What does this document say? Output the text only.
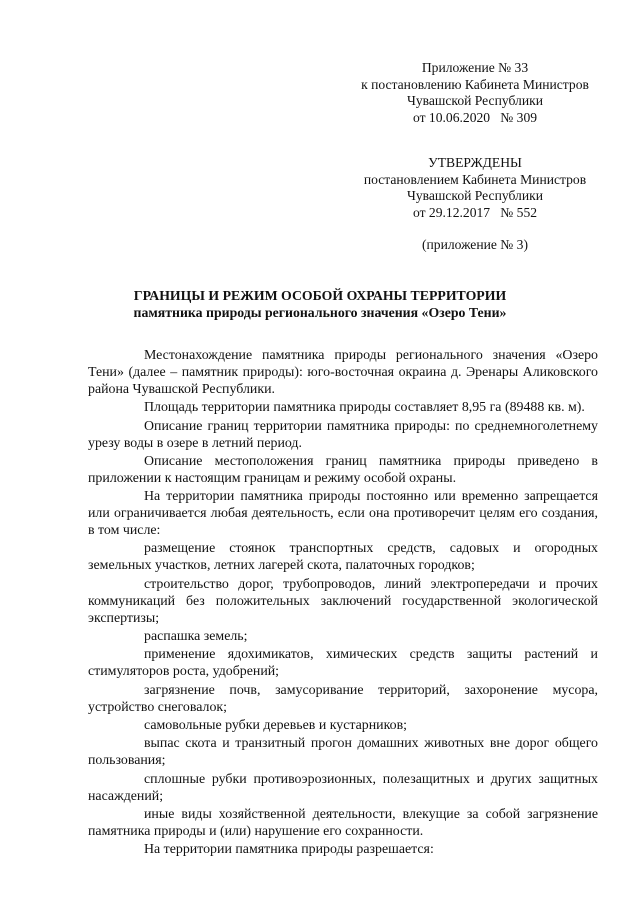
Приложение № 33
к постановлению Кабинета Министров
Чувашской Республики
от 10.06.2020   № 309
УТВЕРЖДЕНЫ
постановлением Кабинета Министров
Чувашской Республики
от 29.12.2017   № 552
(приложение № 3)
ГРАНИЦЫ И РЕЖИМ ОСОБОЙ ОХРАНЫ ТЕРРИТОРИИ
памятника природы регионального значения «Озеро Тени»

Местонахождение памятника природы регионального значения «Озеро Тени» (далее – памятник природы): юго-восточная окраина д. Эренары Аликовского района Чувашской Республики.

Площадь территории памятника природы составляет 8,95 га (89488 кв. м).

Описание границ территории памятника природы: по среднемноголетнему урезу воды в озере в летний период.

Описание местоположения границ памятника природы приведено в приложении к настоящим границам и режиму особой охраны.

На территории памятника природы постоянно или временно запрещается или ограничивается любая деятельность, если она противоречит целям его создания, в том числе:

размещение стоянок транспортных средств, садовых и огородных земельных участков, летних лагерей скота, палаточных городков;

строительство дорог, трубопроводов, линий электропередачи и прочих коммуникаций без положительных заключений государственной экологической экспертизы;

распашка земель;

применение ядохимикатов, химических средств защиты растений и стимуляторов роста, удобрений;

загрязнение почв, замусоривание территорий, захоронение мусора, устройство снеговалок;

самовольные рубки деревьев и кустарников;

выпас скота и транзитный прогон домашних животных вне дорог общего пользования;

сплошные рубки противоэрозионных, полезащитных и других защитных насаждений;

иные виды хозяйственной деятельности, влекущие за собой загрязнение памятника природы и (или) нарушение его сохранности.

На территории памятника природы разрешается:
